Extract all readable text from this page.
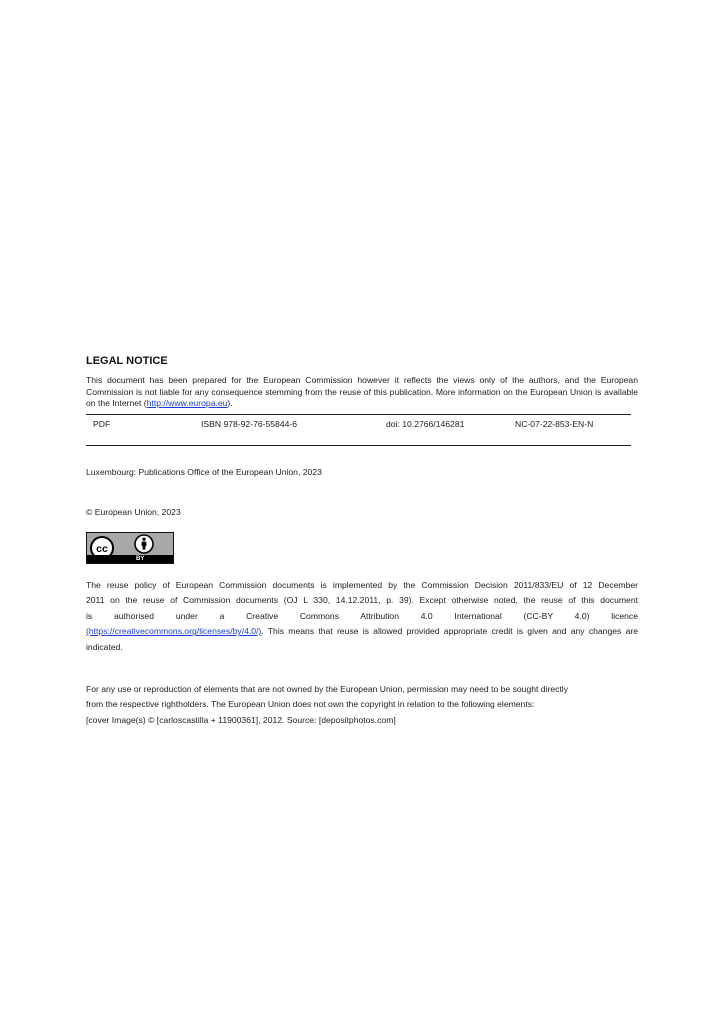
LEGAL NOTICE
This document has been prepared for the European Commission however it reflects the views only of the authors, and the European Commission is not liable for any consequence stemming from the reuse of this publication. More information on the European Union is available on the Internet (http://www.europa.eu).
PDF	ISBN 978-92-76-55844-6	doi: 10.2766/146281	NC-07-22-853-EN-N
Luxembourg: Publications Office of the European Union, 2023
© European Union, 2023
cc
BY
The reuse policy of European Commission documents is implemented by the Commission Decision 2011/833/EU of 12 December
2011 on the reuse of Commission documents (OJ L 330, 14.12.2011, p. 39). Except otherwise noted, the reuse of this document
is authorised under a Creative Commons Attribution 4.0 International (CC-BY 4.0) licence
(https://creativecommons.org/licenses/by/4.0/). This means that reuse is allowed provided appropriate credit is given and any changes are indicated.
For any use or reproduction of elements that are not owned by the European Union, permission may need to be sought directly
from the respective rightholders. The European Union does not own the copyright in relation to the following elements:
[cover Image(s) © [carloscastilla + 11900361], 2012. Source: [depositphotos.com]
